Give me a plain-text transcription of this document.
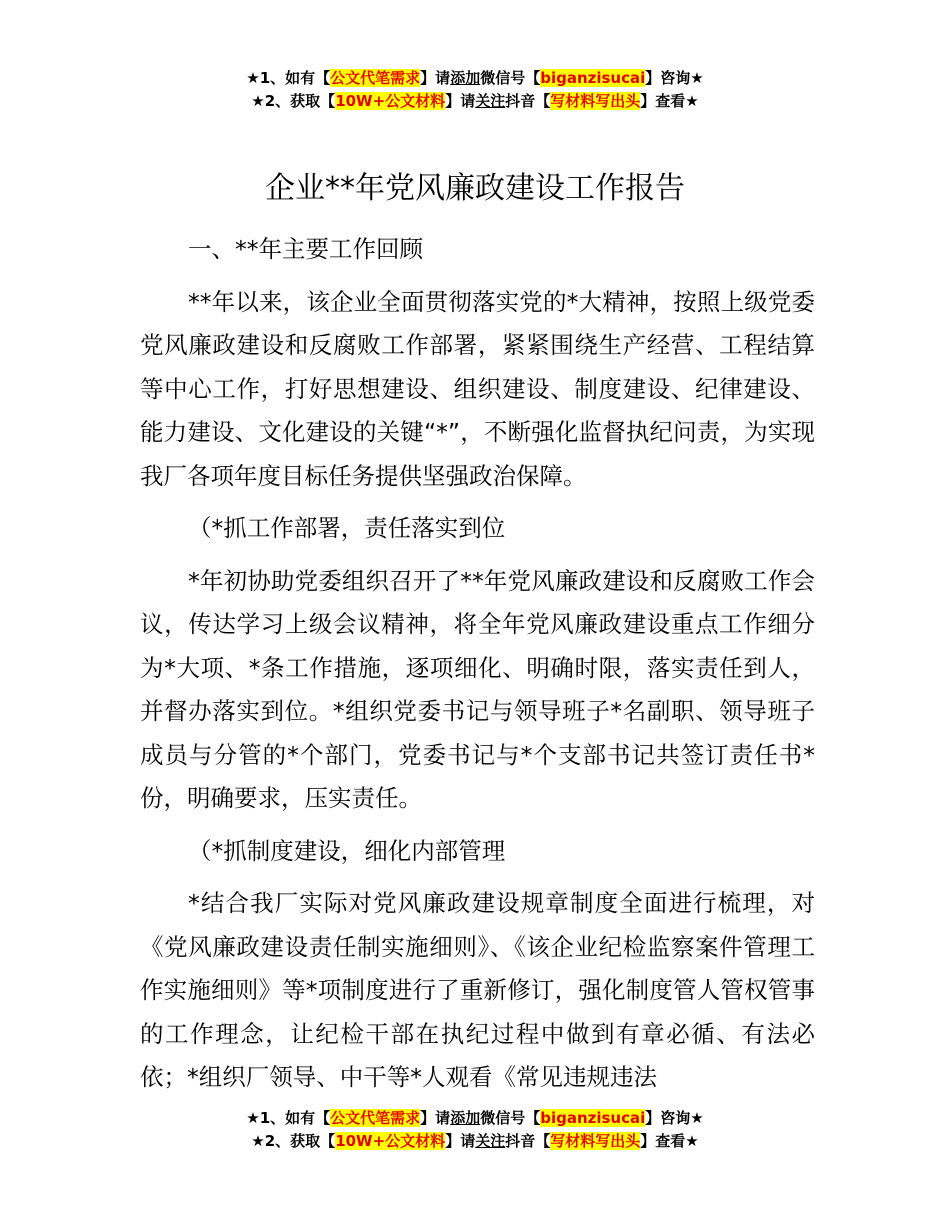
★1、如有【公文代笔需求】请添加微信号【biganzisucai】咨询★
★2、获取【10W+公文材料】请关注抖音【写材料写出头】查看★
企业**年党风廉政建设工作报告

一、**年主要工作回顾

**年以来，该企业全面贯彻落实党的*大精神，按照上级党委党风廉政建设和反腐败工作部署，紧紧围绕生产经营、工程结算等中心工作，打好思想建设、组织建设、制度建设、纪律建设、能力建设、文化建设的关键“*”，不断强化监督执纪问责，为实现我厂各项年度目标任务提供坚强政治保障。

（*抓工作部署，责任落实到位

*年初协助党委组织召开了**年党风廉政建设和反腐败工作会议，传达学习上级会议精神，将全年党风廉政建设重点工作细分为*大项、*条工作措施，逐项细化、明确时限，落实责任到人，并督办落实到位。*组织党委书记与领导班子*名副职、领导班子成员与分管的*个部门，党委书记与*个支部书记共签订责任书*份，明确要求，压实责任。

（*抓制度建设，细化内部管理

*结合我厂实际对党风廉政建设规章制度全面进行梳理，对《党风廉政建设责任制实施细则》、《该企业纪检监察案件管理工作实施细则》等*项制度进行了重新修订，强化制度管人管权管事的工作理念，让纪检干部在执纪过程中做到有章必循、有法必依；*组织厂领导、中干等*人观看《常见违规违法

★1、如有【公文代笔需求】请添加微信号【biganzisucai】咨询★
★2、获取【10W+公文材料】请关注抖音【写材料写出头】查看★
